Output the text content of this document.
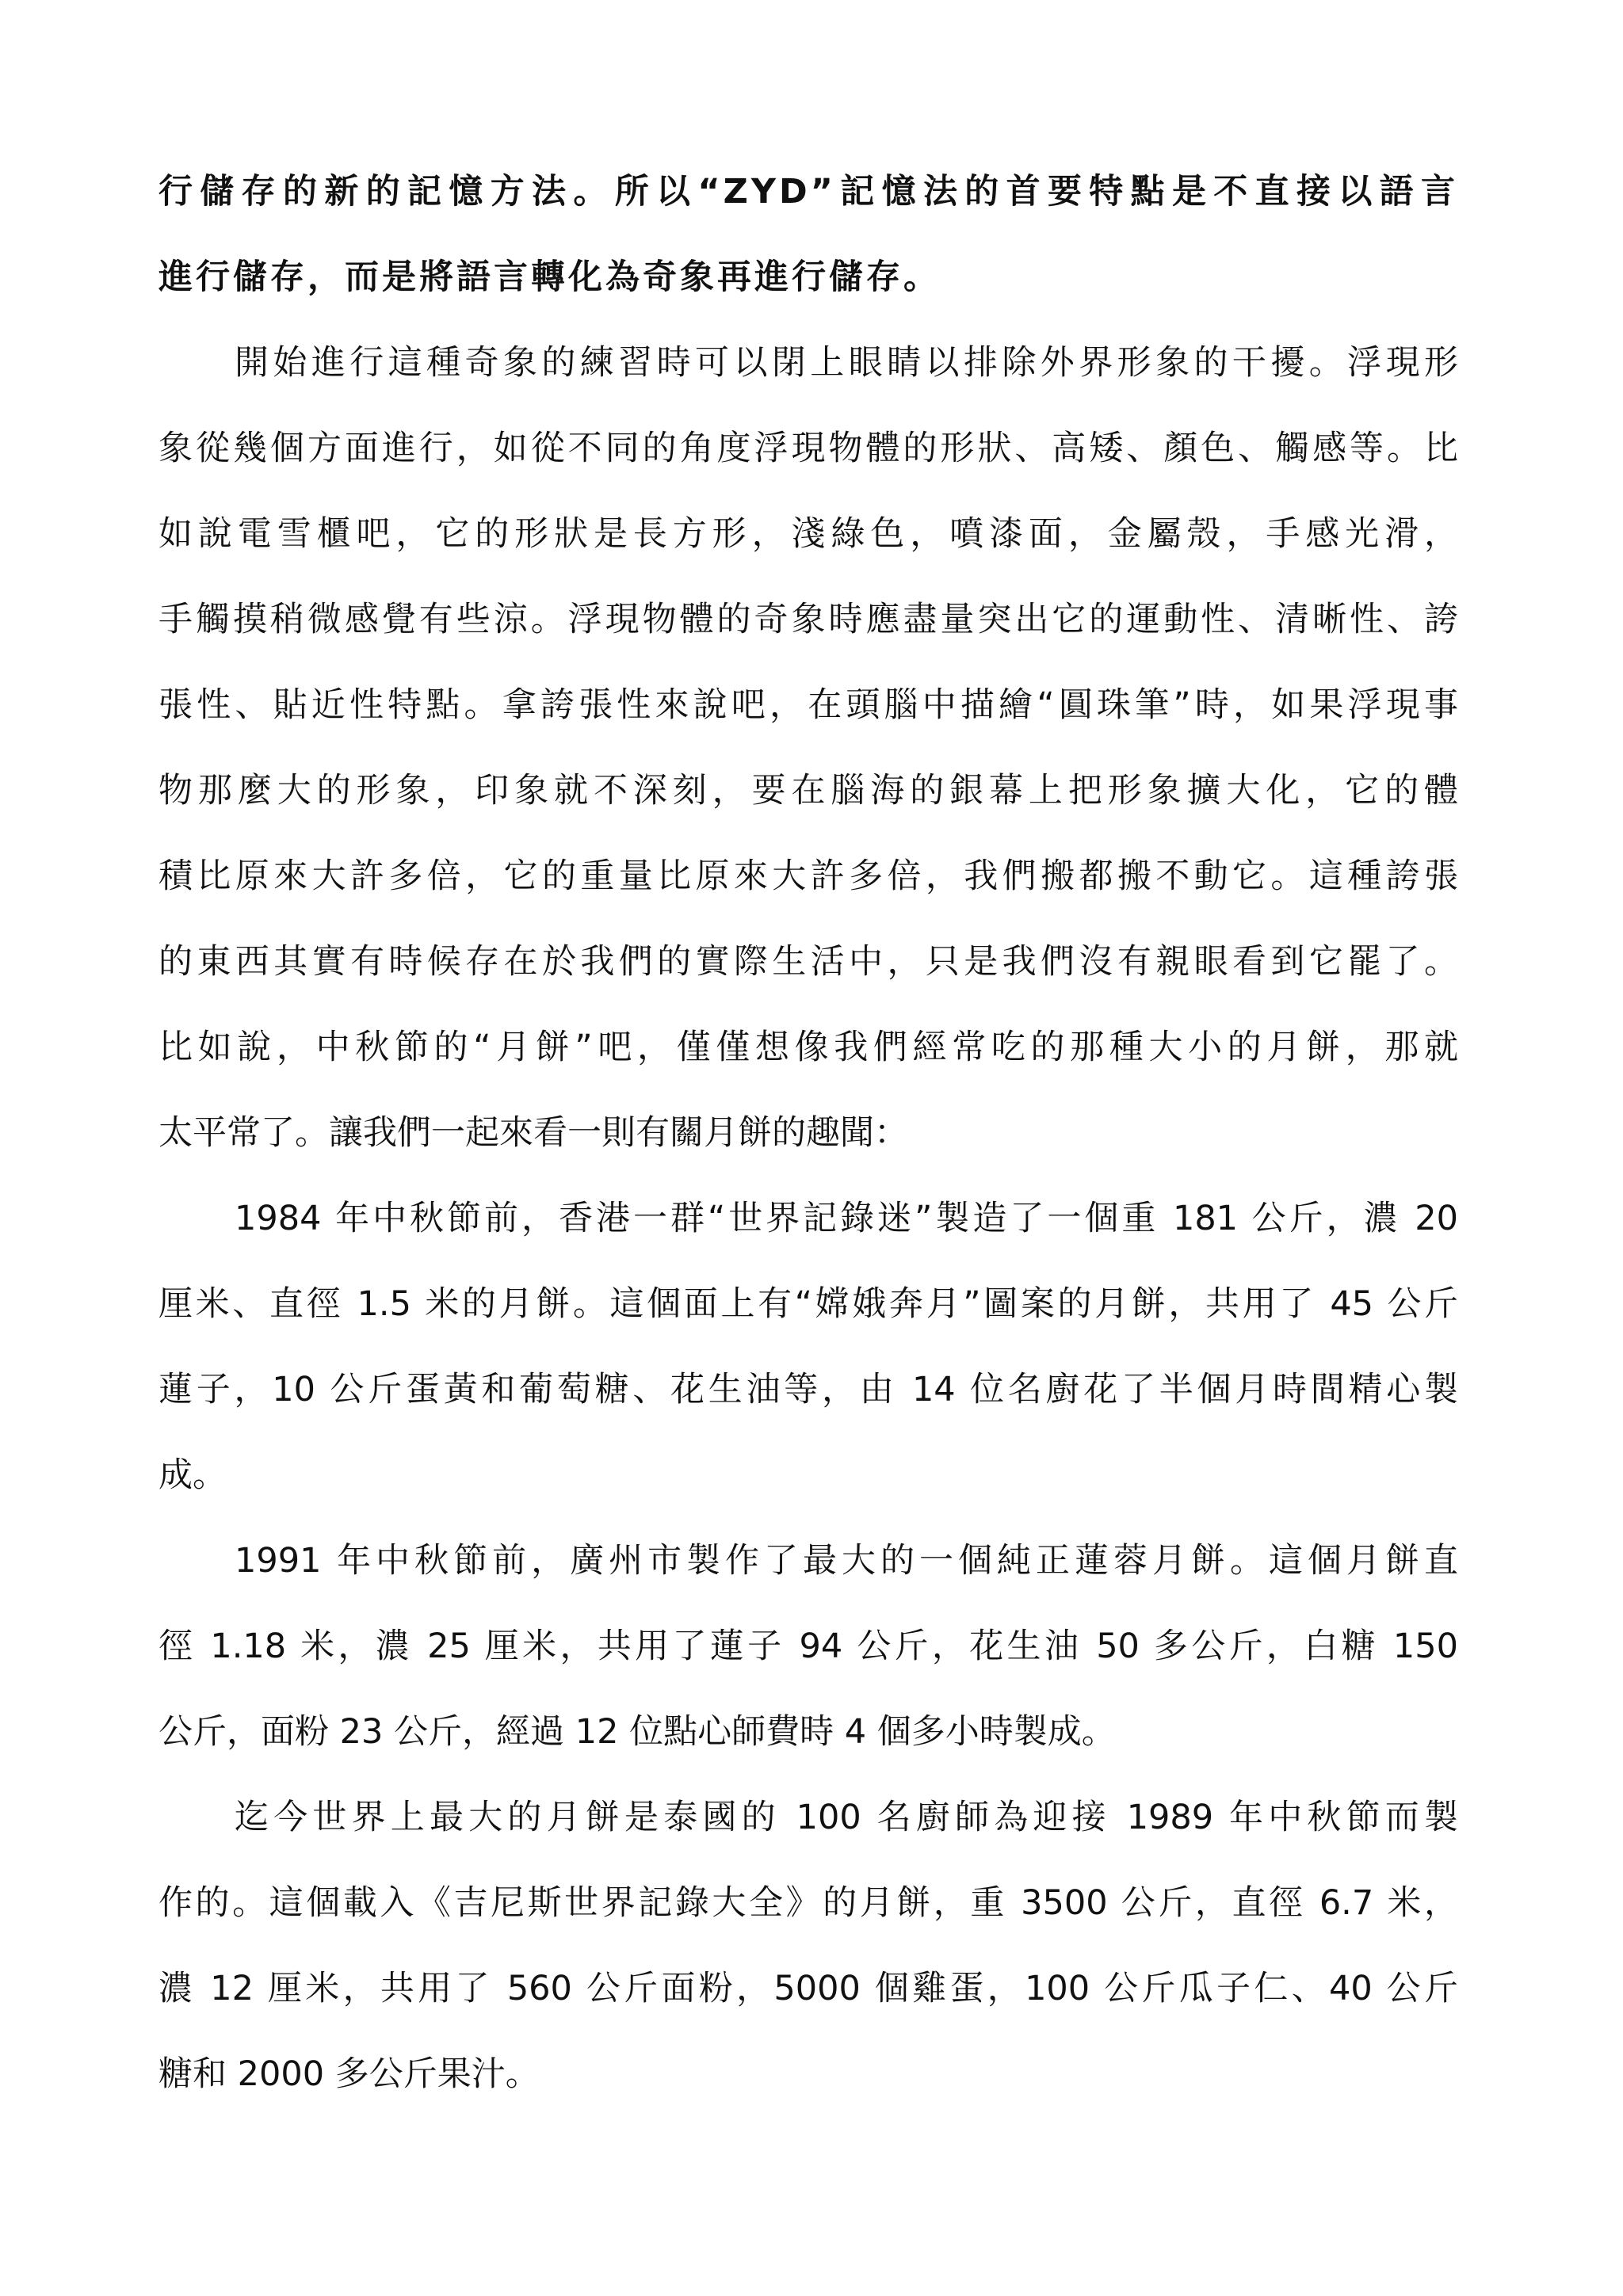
行儲存的新的記憶方法。所以“ZYD”記憶法的首要特點是不直接以語言
進行儲存，而是將語言轉化為奇象再進行儲存。
開始進行這種奇象的練習時可以閉上眼睛以排除外界形象的干擾。浮現形
象從幾個方面進行，如從不同的角度浮現物體的形狀、高矮、顏色、觸感等。比
如說電雪櫃吧，它的形狀是長方形，淺綠色，噴漆面，金屬殼，手感光滑，
手觸摸稍微感覺有些涼。浮現物體的奇象時應盡量突出它的運動性、清晰性、誇
張性、貼近性特點。拿誇張性來說吧，在頭腦中描繪“圓珠筆”時，如果浮現事
物那麼大的形象，印象就不深刻，要在腦海的銀幕上把形象擴大化，它的體
積比原來大許多倍，它的重量比原來大許多倍，我們搬都搬不動它。這種誇張
的東西其實有時候存在於我們的實際生活中，只是我們沒有親眼看到它罷了。
比如說，中秋節的“月餅”吧，僅僅想像我們經常吃的那種大小的月餅，那就
太平常了。讓我們一起來看一則有關月餅的趣聞：
1984 年中秋節前，香港一群“世界記錄迷”製造了一個重 181 公斤，濃 20
厘米、直徑 1.5 米的月餅。這個面上有“嫦娥奔月”圖案的月餅，共用了 45 公斤
蓮子，10 公斤蛋黃和葡萄糖、花生油等，由 14 位名廚花了半個月時間精心製
成。
1991 年中秋節前，廣州市製作了最大的一個純正蓮蓉月餅。這個月餅直
徑 1.18 米，濃 25 厘米，共用了蓮子 94 公斤，花生油 50 多公斤，白糖 150
公斤，面粉 23 公斤，經過 12 位點心師費時 4 個多小時製成。
迄今世界上最大的月餅是泰國的 100 名廚師為迎接 1989 年中秋節而製
作的。這個載入《吉尼斯世界記錄大全》的月餅，重 3500 公斤，直徑 6.7 米，
濃 12 厘米，共用了 560 公斤面粉，5000 個雞蛋，100 公斤瓜子仁、40 公斤
糖和 2000 多公斤果汁。
